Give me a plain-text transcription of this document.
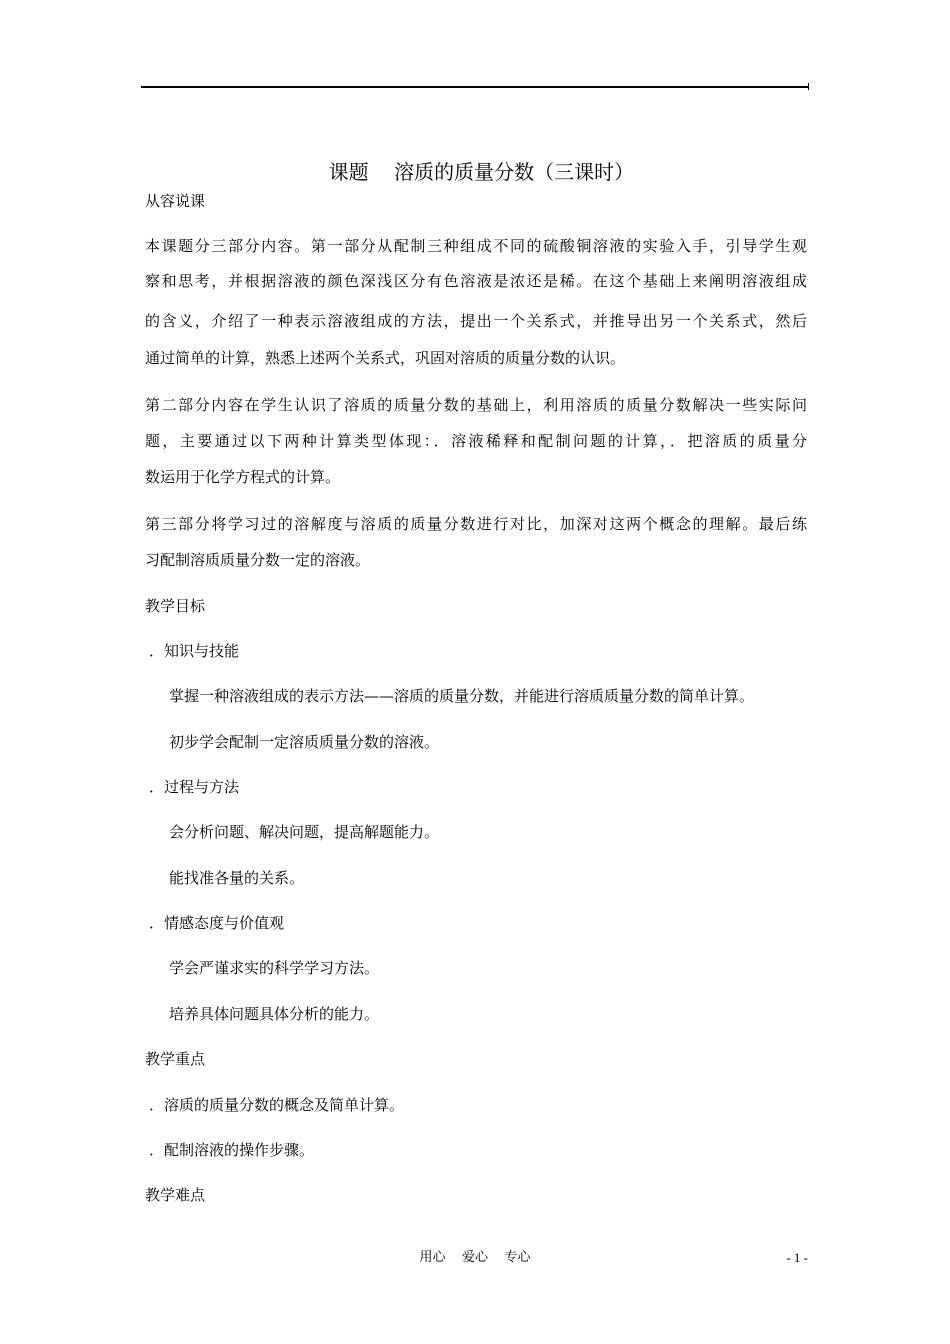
课题    溶质的质量分数（三课时）

从容说课
本课题分三部分内容。第一部分从配制三种组成不同的硫酸铜溶液的实验入手，引导学生观
察和思考，并根据溶液的颜色深浅区分有色溶液是浓还是稀。在这个基础上来阐明溶液组成
的含义，介绍了一种表示溶液组成的方法，提出一个关系式，并推导出另一个关系式，然后
通过简单的计算，熟悉上述两个关系式，巩固对溶质的质量分数的认识。
第二部分内容在学生认识了溶质的质量分数的基础上，利用溶质的质量分数解决一些实际问
题，主要通过以下两种计算类型体现：．溶液稀释和配制问题的计算，．把溶质的质量分
数运用于化学方程式的计算。
第三部分将学习过的溶解度与溶质的质量分数进行对比，加深对这两个概念的理解。最后练
习配制溶质质量分数一定的溶液。
教学目标
．知识与技能
掌握一种溶液组成的表示方法——溶质的质量分数，并能进行溶质质量分数的简单计算。
初步学会配制一定溶质质量分数的溶液。
．过程与方法
会分析问题、解决问题，提高解题能力。
能找准各量的关系。
．情感态度与价值观
学会严谨求实的科学学习方法。
培养具体问题具体分析的能力。
教学重点
．溶质的质量分数的概念及简单计算。
．配制溶液的操作步骤。
教学难点
用心    爱心    专心	- 1 -
